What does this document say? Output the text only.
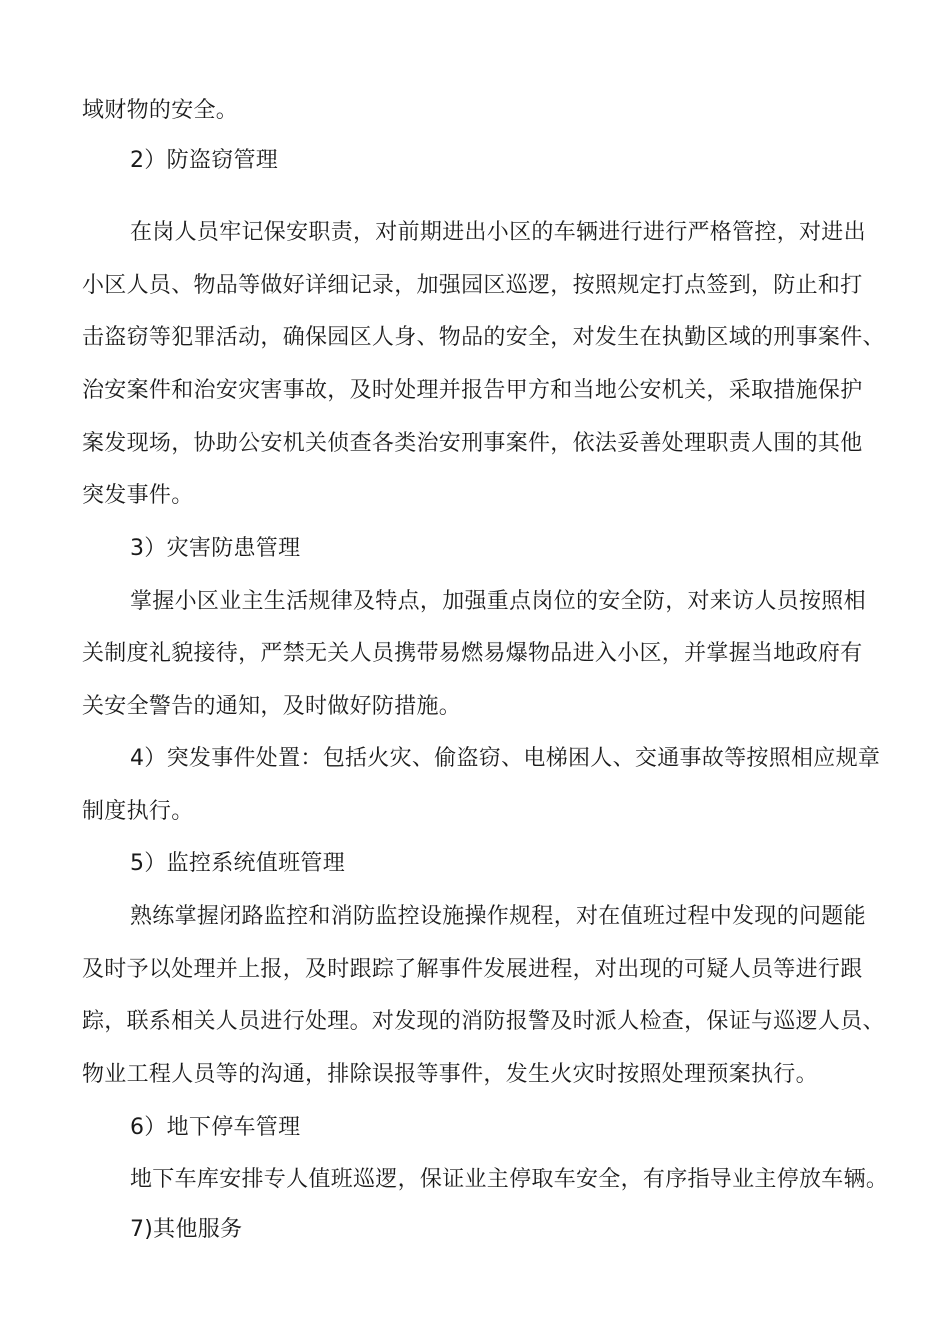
域财物的安全。
2）防盗窃管理
在岗人员牢记保安职责，对前期进出小区的车辆进行进行严格管控，对进出
小区人员、物品等做好详细记录，加强园区巡逻，按照规定打点签到，防止和打
击盗窃等犯罪活动，确保园区人身、物品的安全，对发生在执勤区域的刑事案件、
治安案件和治安灾害事故，及时处理并报告甲方和当地公安机关，采取措施保护
案发现场，协助公安机关侦查各类治安刑事案件，依法妥善处理职责人围的其他
突发事件。
3）灾害防患管理
掌握小区业主生活规律及特点，加强重点岗位的安全防，对来访人员按照相
关制度礼貌接待，严禁无关人员携带易燃易爆物品进入小区，并掌握当地政府有
关安全警告的通知，及时做好防措施。
4）突发事件处置：包括火灾、偷盗窃、电梯困人、交通事故等按照相应规章
制度执行。
5）监控系统值班管理
熟练掌握闭路监控和消防监控设施操作规程，对在值班过程中发现的问题能
及时予以处理并上报，及时跟踪了解事件发展进程，对出现的可疑人员等进行跟
踪，联系相关人员进行处理。对发现的消防报警及时派人检查，保证与巡逻人员、
物业工程人员等的沟通，排除误报等事件，发生火灾时按照处理预案执行。
6）地下停车管理
地下车库安排专人值班巡逻，保证业主停取车安全，有序指导业主停放车辆。
7)其他服务
